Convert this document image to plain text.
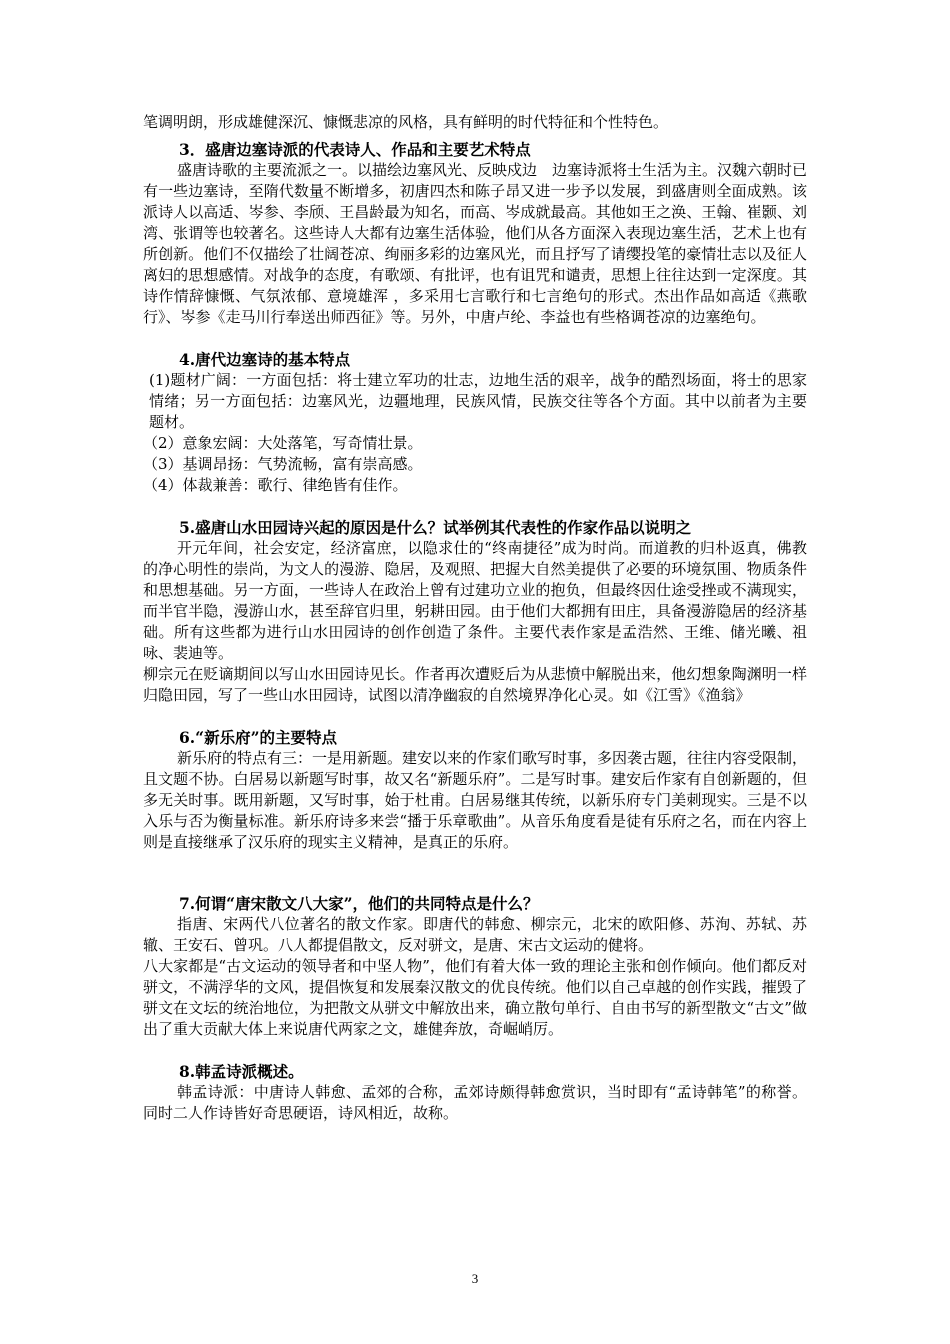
笔调明朗，形成雄健深沉、慷慨悲凉的风格，具有鲜明的时代特征和个性特色。

3．盛唐边塞诗派的代表诗人、作品和主要艺术特点

盛唐诗歌的主要流派之一。以描绘边塞风光、反映戍边　边塞诗派将士生活为主。汉魏六朝时已有一些边塞诗，至隋代数量不断增多，初唐四杰和陈子昂又进一步予以发展，到盛唐则全面成熟。该派诗人以高适、岑参、李颀、王昌龄最为知名，而高、岑成就最高。其他如王之涣、王翰、崔颢、刘湾、张谓等也较著名。这些诗人大都有边塞生活体验，他们从各方面深入表现边塞生活，艺术上也有所创新。他们不仅描绘了壮阔苍凉、绚丽多彩的边塞风光，而且抒写了请缨投笔的豪情壮志以及征人离妇的思想感情。对战争的态度，有歌颂、有批评，也有诅咒和谴责，思想上往往达到一定深度。其诗作情辞慷慨、气氛浓郁、意境雄浑 ，多采用七言歌行和七言绝句的形式。杰出作品如高适《燕歌行》、岑参《走马川行奉送出师西征》等。另外，中唐卢纶、李益也有些格调苍凉的边塞绝句。

4.唐代边塞诗的基本特点

(1)题材广阔：一方面包括：将士建立军功的壮志，边地生活的艰辛，战争的酷烈场面，将士的思家情绪；另一方面包括：边塞风光，边疆地理，民族风情，民族交往等各个方面。其中以前者为主要题材。

（2）意象宏阔：大处落笔，写奇情壮景。

（3）基调昂扬：气势流畅，富有崇高感。

（4）体裁兼善：歌行、律绝皆有佳作。

5.盛唐山水田园诗兴起的原因是什么？试举例其代表性的作家作品以说明之

开元年间，社会安定，经济富庶，以隐求仕的“终南捷径”成为时尚。而道教的归朴返真，佛教的净心明性的崇尚，为文人的漫游、隐居，及观照、把握大自然美提供了必要的环境氛围、物质条件和思想基础。另一方面，一些诗人在政治上曾有过建功立业的抱负，但最终因仕途受挫或不满现实，而半官半隐，漫游山水，甚至辞官归里，躬耕田园。由于他们大都拥有田庄，具备漫游隐居的经济基础。所有这些都为进行山水田园诗的创作创造了条件。主要代表作家是孟浩然、王维、储光曦、祖咏、裴迪等。

柳宗元在贬谪期间以写山水田园诗见长。作者再次遭贬后为从悲愤中解脱出来，他幻想象陶渊明一样归隐田园，写了一些山水田园诗，试图以清净幽寂的自然境界净化心灵。如《江雪》《渔翁》

6.“新乐府”的主要特点

新乐府的特点有三：一是用新题。建安以来的作家们歌写时事，多因袭古题，往往内容受限制，且文题不协。白居易以新题写时事，故又名“新题乐府”。二是写时事。建安后作家有自创新题的，但多无关时事。既用新题，又写时事，始于杜甫。白居易继其传统，以新乐府专门美刺现实。三是不以入乐与否为衡量标准。新乐府诗多来尝“播于乐章歌曲”。从音乐角度看是徒有乐府之名，而在内容上则是直接继承了汉乐府的现实主义精神，是真正的乐府。

7.何谓“唐宋散文八大家”，他们的共同特点是什么？

指唐、宋两代八位著名的散文作家。即唐代的韩愈、柳宗元，北宋的欧阳修、苏洵、苏轼、苏辙、王安石、曾巩。八人都提倡散文，反对骈文，是唐、宋古文运动的健将。

八大家都是“古文运动的领导者和中坚人物”，他们有着大体一致的理论主张和创作倾向。他们都反对骈文，不满浮华的文风，提倡恢复和发展秦汉散文的优良传统。他们以自己卓越的创作实践，摧毁了骈文在文坛的统治地位，为把散文从骈文中解放出来，确立散句单行、自由书写的新型散文“古文”做出了重大贡献大体上来说唐代两家之文，雄健奔放，奇崛峭厉。

8.韩孟诗派概述。

韩孟诗派：中唐诗人韩愈、孟郊的合称，孟郊诗颇得韩愈赏识，当时即有“孟诗韩笔”的称誉。同时二人作诗皆好奇思硬语，诗风相近，故称。

3
